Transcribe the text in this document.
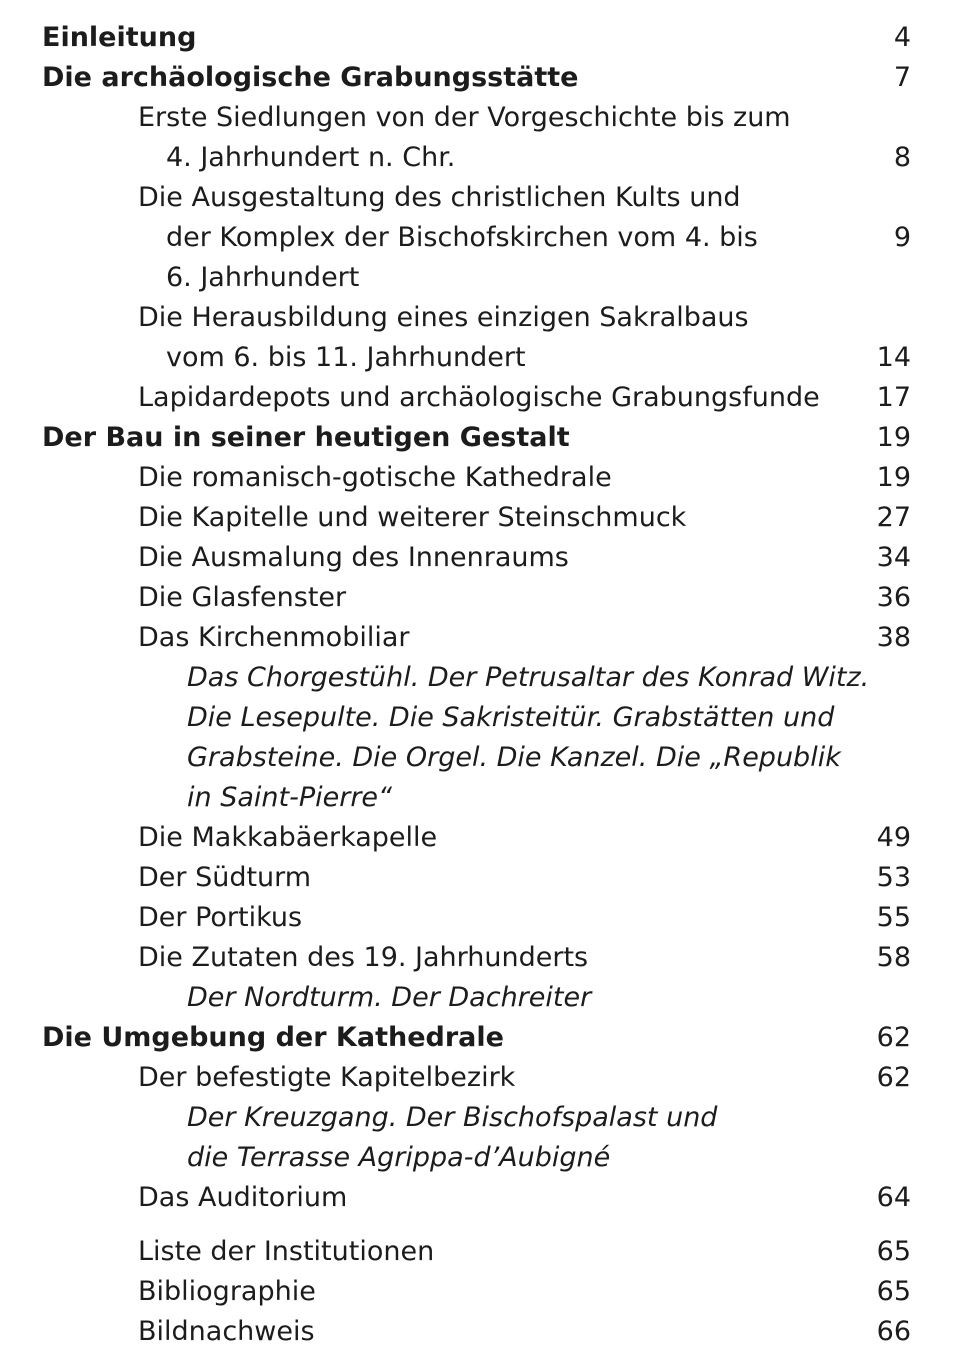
Einleitung	4
Die archäologische Grabungsstätte	7
Erste Siedlungen von der Vorgeschichte bis zum
4. Jahrhundert n. Chr.	8
Die Ausgestaltung des christlichen Kults und
der Komplex der Bischofskirchen vom 4. bis	9
6. Jahrhundert
Die Herausbildung eines einzigen Sakralbaus
vom 6. bis 11. Jahrhundert	14
Lapidardepots und archäologische Grabungsfunde 17
Der Bau in seiner heutigen Gestalt	19
Die romanisch-gotische Kathedrale	19
Die Kapitelle und weiterer Steinschmuck	27
Die Ausmalung des Innenraums	34
Die Glasfenster	36
Das Kirchenmobiliar	38
Das Chorgestühl. Der Petrusaltar des Konrad Witz.
Die Lesepulte. Die Sakristeitür. Grabstätten und
Grabsteine. Die Orgel. Die Kanzel. Die „Republik
in Saint-Pierre“
Die Makkabäerkapelle	49
Der Südturm	53
Der Portikus	55
Die Zutaten des 19. Jahrhunderts	58
Der Nordturm. Der Dachreiter
Die Umgebung der Kathedrale	62
Der befestigte Kapitelbezirk	62
Der Kreuzgang. Der Bischofspalast und
die Terrasse Agrippa-d’Aubigné
Das Auditorium	64
Liste der Institutionen	65
Bibliographie	65
Bildnachweis	66
